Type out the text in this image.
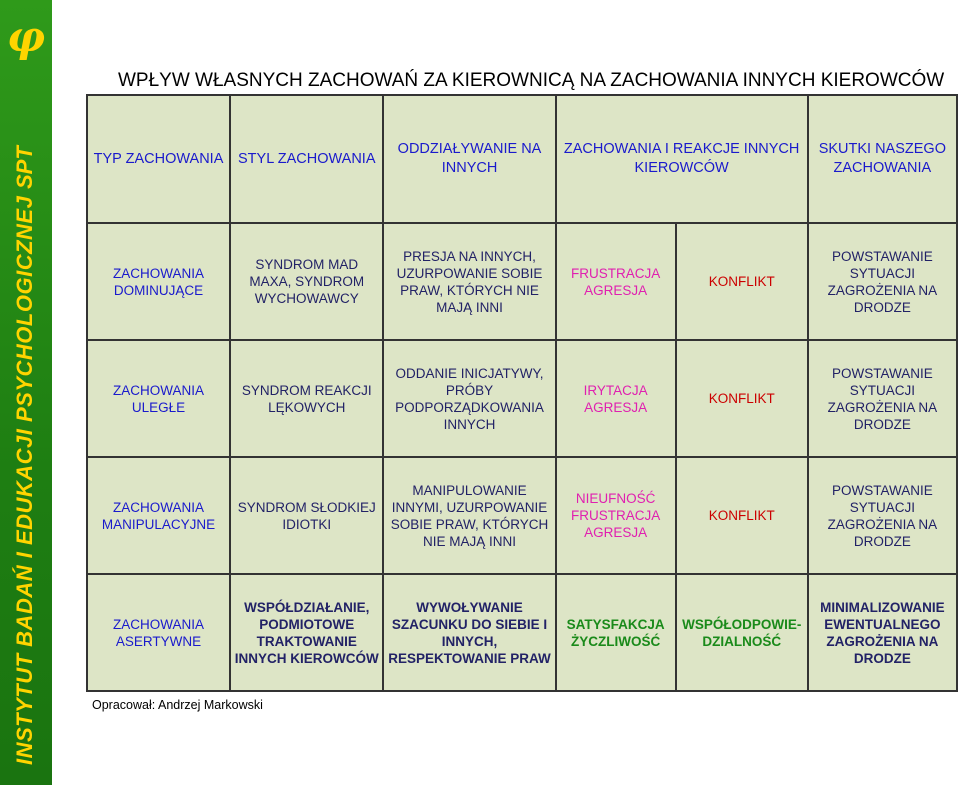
φ
INSTYTUT BADAŃ I EDUKACJI PSYCHOLOGICZNEJ
SPT
WPŁYW WŁASNYCH ZACHOWAŃ ZA KIEROWNICĄ NA ZACHOWANIA INNYCH KIEROWCÓW
TYP ZACHOWANIA	STYL ZACHOWANIA	ODDZIAŁYWANIE NA INNYCH	ZACHOWANIA I REAKCJE INNYCH KIEROWCÓW		SKUTKI NASZEGO ZACHOWANIA
ZACHOWANIA DOMINUJĄCE	SYNDROM MAD MAXA, SYNDROM WYCHOWAWCY	PRESJA NA INNYCH, UZURPOWANIE SOBIE PRAW, KTÓRYCH NIE MAJĄ INNI	FRUSTRACJA AGRESJA	KONFLIKT	POWSTAWANIE SYTUACJI ZAGROŻENIA NA DRODZE
ZACHOWANIA ULEGŁE	SYNDROM REAKCJI LĘKOWYCH	ODDANIE INICJATYWY, PRÓBY PODPORZĄDKOWANIA INNYCH	IRYTACJA AGRESJA	KONFLIKT	POWSTAWANIE SYTUACJI ZAGROŻENIA NA DRODZE
ZACHOWANIA MANIPULACYJNE	SYNDROM SŁODKIEJ IDIOTKI	MANIPULOWANIE INNYMI, UZURPOWANIE SOBIE PRAW, KTÓRYCH NIE MAJĄ INNI	NIEUFNOŚĆ FRUSTRACJA AGRESJA	KONFLIKT	POWSTAWANIE SYTUACJI ZAGROŻENIA NA DRODZE
ZACHOWANIA ASERTYWNE	WSPÓŁDZIAŁANIE, PODMIOTOWE TRAKTOWANIE INNYCH KIEROWCÓW	WYWOŁYWANIE SZACUNKU DO SIEBIE I INNYCH, RESPEKTOWANIE PRAW	SATYSFAKCJA ŻYCZLIWOŚĆ	WSPÓŁODPOWIE-DZIALNOŚĆ	MINIMALIZOWANIE EWENTUALNEGO ZAGROŻENIA NA DRODZE
Opracował: Andrzej Markowski
